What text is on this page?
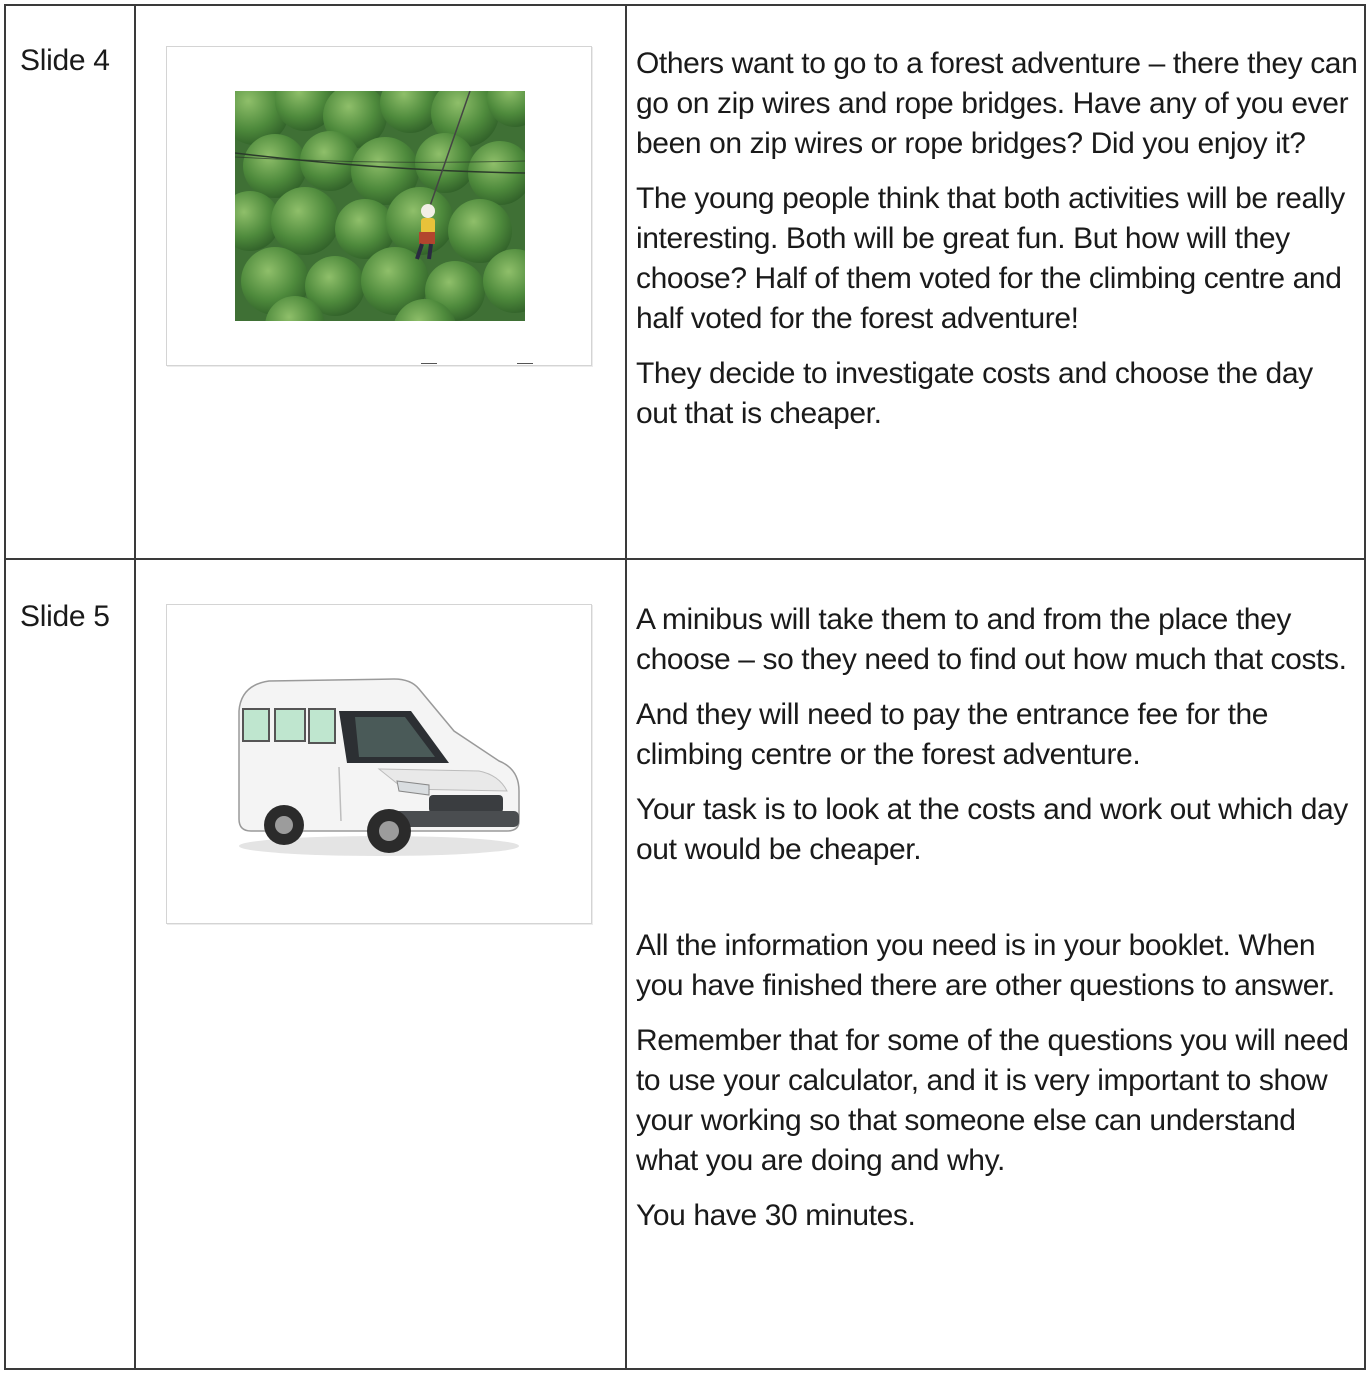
Slide 4	Others want to go to a forest adventure – there they can go on zip wires and rope bridges. Have any of you ever been on zip wires or rope bridges? Did you enjoy it?

The young people think that both activities will be really interesting. Both will be great fun. But how will they choose? Half of them voted for the climbing centre and half voted for the forest adventure!

They decide to investigate costs and choose the day out that is cheaper.

Slide 5	A minibus will take them to and from the place they choose – so they need to find out how much that costs.

And they will need to pay the entrance fee for the climbing centre or the forest adventure.

Your task is to look at the costs and work out which day out would be cheaper.

All the information you need is in your booklet. When you have finished there are other questions to answer.

Remember that for some of the questions you will need to use your calculator, and it is very important to show your working so that someone else can understand what you are doing and why.

You have 30 minutes.
